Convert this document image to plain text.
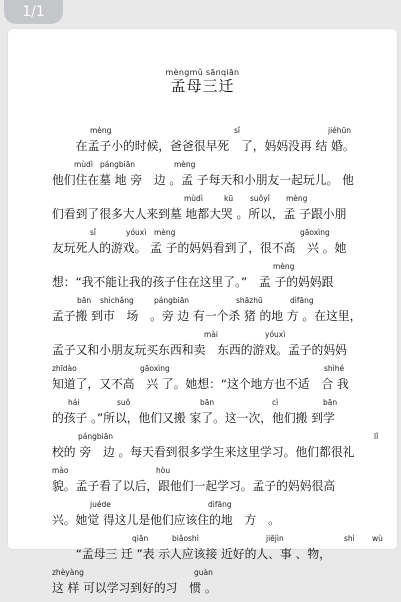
1/1
mèngmǔ sānqiān
孟母三迁
mèng	sǐ	jiéhūn
　在孟子小的时候，爸爸很早死　了，妈妈没再 结 婚。
mùdì pángbiān	mèng
他们住在墓 地 旁　边 。孟 子每天和小朋友一起玩儿。 他
mùdì	kū suǒyǐ mèng
们看到了很多大人来到墓 地都大哭 。所以，孟 子跟小朋
sǐ	yóuxì mèng	gāoxìng
友玩死人的游戏。 孟 子的妈妈看到了，很不高　兴 。她
mèng
想：“我不能让我的孩子住在这里了。”　孟 子的妈妈跟
bān shìchǎng	pángbiān	shāzhū	dìfāng
孟子搬 到市　场　。旁 边 有一个杀 猪 的地 方 。在这里，
mài	yóuxì
孟子又和小朋友玩买东西和卖　东西的游戏。孟子的妈妈
zhīdào	gāoxìng	shìhé
知道了，又不高　兴 了。她想：“这个地方也不适　合 我
hái	suǒ	bān	cì	bān
的孩子 。”所以，他们又搬 家了。这一次，他们搬 到学
pángbiān	lǐ
校的 旁　边 。每天看到很多学生来这里学习。他们都很礼
mào	hòu
貌。孟子看了以后，跟他们一起学习。孟子的妈妈很高
juéde	dìfāng
兴。她觉 得这儿是他们应该住的地　方　。
qiān	biǎoshì	jiējìn	shì wù
　“孟母三 迁 ”表 示人应该接 近好的人、事 、物，
zhèyàng	guàn
这 样 可以学习到好的习　惯 。
